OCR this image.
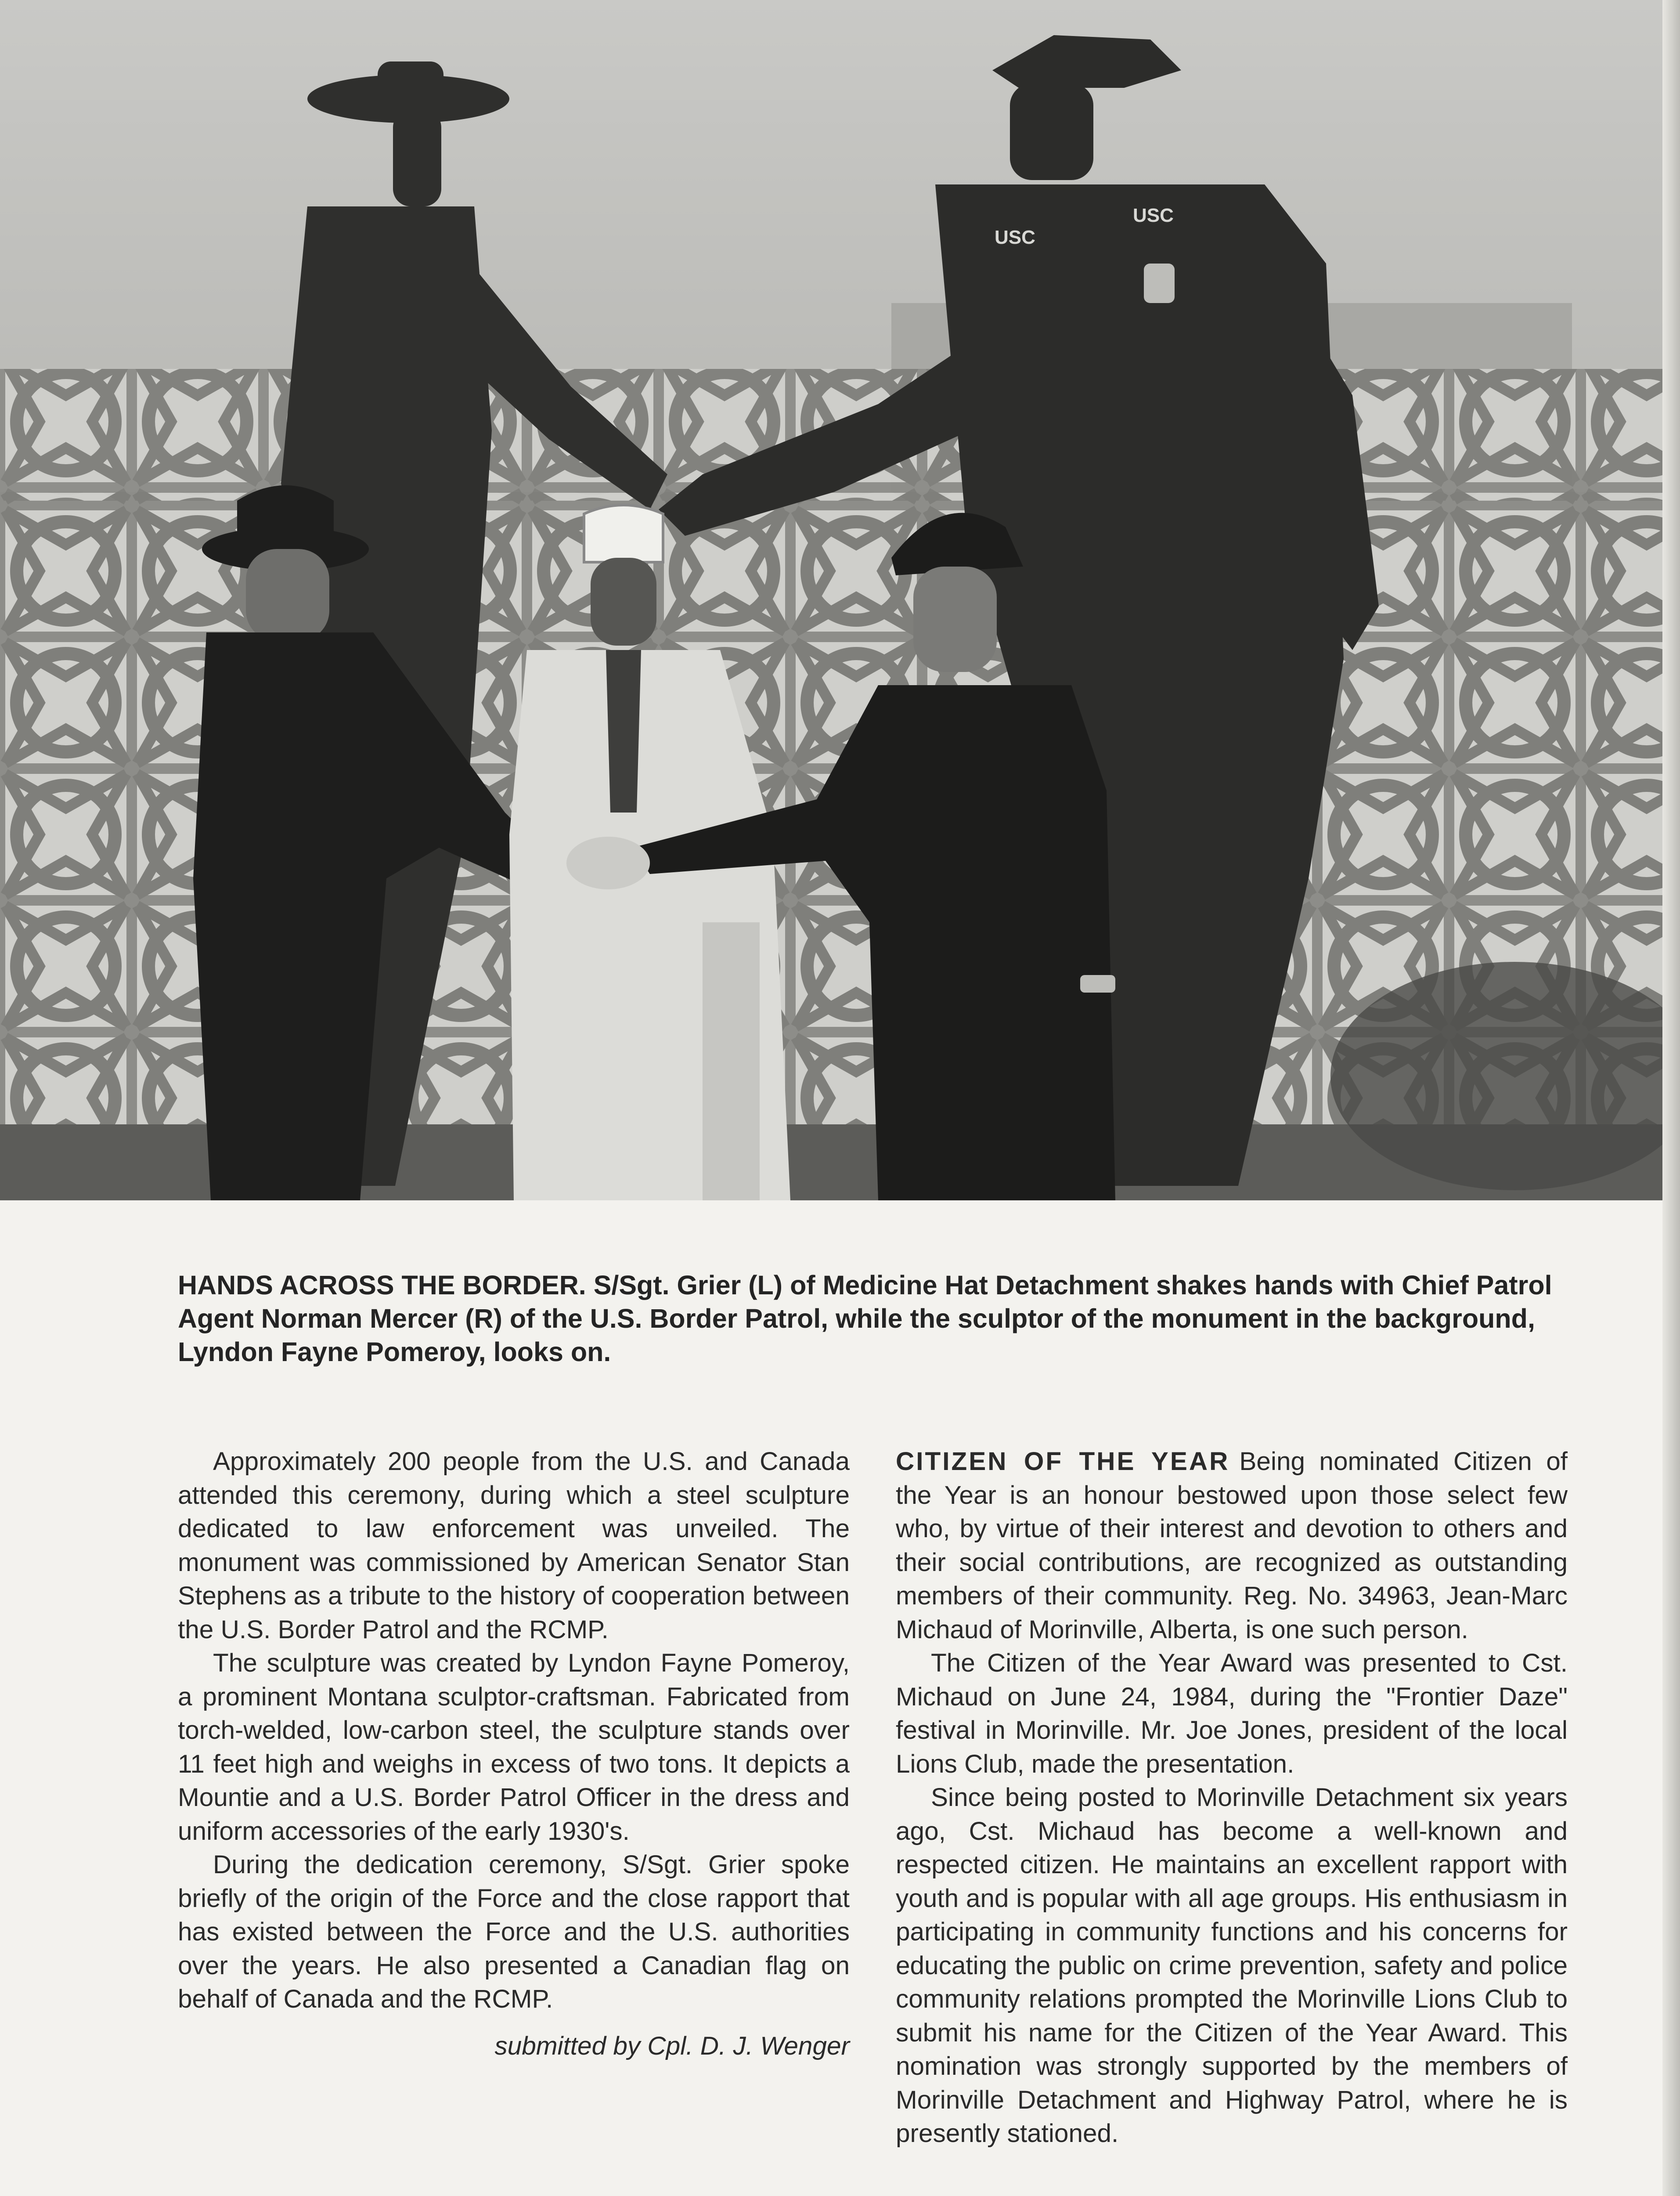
USC
USC

HANDS ACROSS THE BORDER. S/Sgt. Grier (L) of Medicine Hat Detachment shakes hands with Chief Patrol Agent Norman Mercer (R) of the U.S. Border Patrol, while the sculptor of the monument in the background, Lyndon Fayne Pomeroy, looks on.

Approximately 200 people from the U.S. and Canada attended this ceremony, during which a steel sculpture dedicated to law enforcement was unveiled. The monument was commissioned by American Senator Stan Stephens as a tribute to the history of cooperation between the U.S. Border Patrol and the RCMP.

The sculpture was created by Lyndon Fayne Pomeroy, a prominent Montana sculptor-craftsman. Fabricated from torch-welded, low-carbon steel, the sculpture stands over 11 feet high and weighs in excess of two tons. It depicts a Mountie and a U.S. Border Patrol Officer in the dress and uniform accessories of the early 1930's.

During the dedication ceremony, S/Sgt. Grier spoke briefly of the origin of the Force and the close rapport that has existed between the Force and the U.S. authorities over the years. He also presented a Canadian flag on behalf of Canada and the RCMP.

submitted by Cpl. D. J. Wenger

CITIZEN OF THE YEAR Being nominated Citizen of the Year is an honour bestowed upon those select few who, by virtue of their interest and devotion to others and their social contributions, are recognized as outstanding members of their community. Reg. No. 34963, Jean-Marc Michaud of Morinville, Alberta, is one such person.

The Citizen of the Year Award was presented to Cst. Michaud on June 24, 1984, during the "Frontier Daze" festival in Morinville. Mr. Joe Jones, president of the local Lions Club, made the presentation.

Since being posted to Morinville Detachment six years ago, Cst. Michaud has become a well-known and respected citizen. He maintains an excellent rapport with youth and is popular with all age groups. His enthusiasm in participating in community functions and his concerns for educating the public on crime prevention, safety and police community relations prompted the Morinville Lions Club to submit his name for the Citizen of the Year Award. This nomination was strongly supported by the members of Morinville Detachment and Highway Patrol, where he is presently stationed.
